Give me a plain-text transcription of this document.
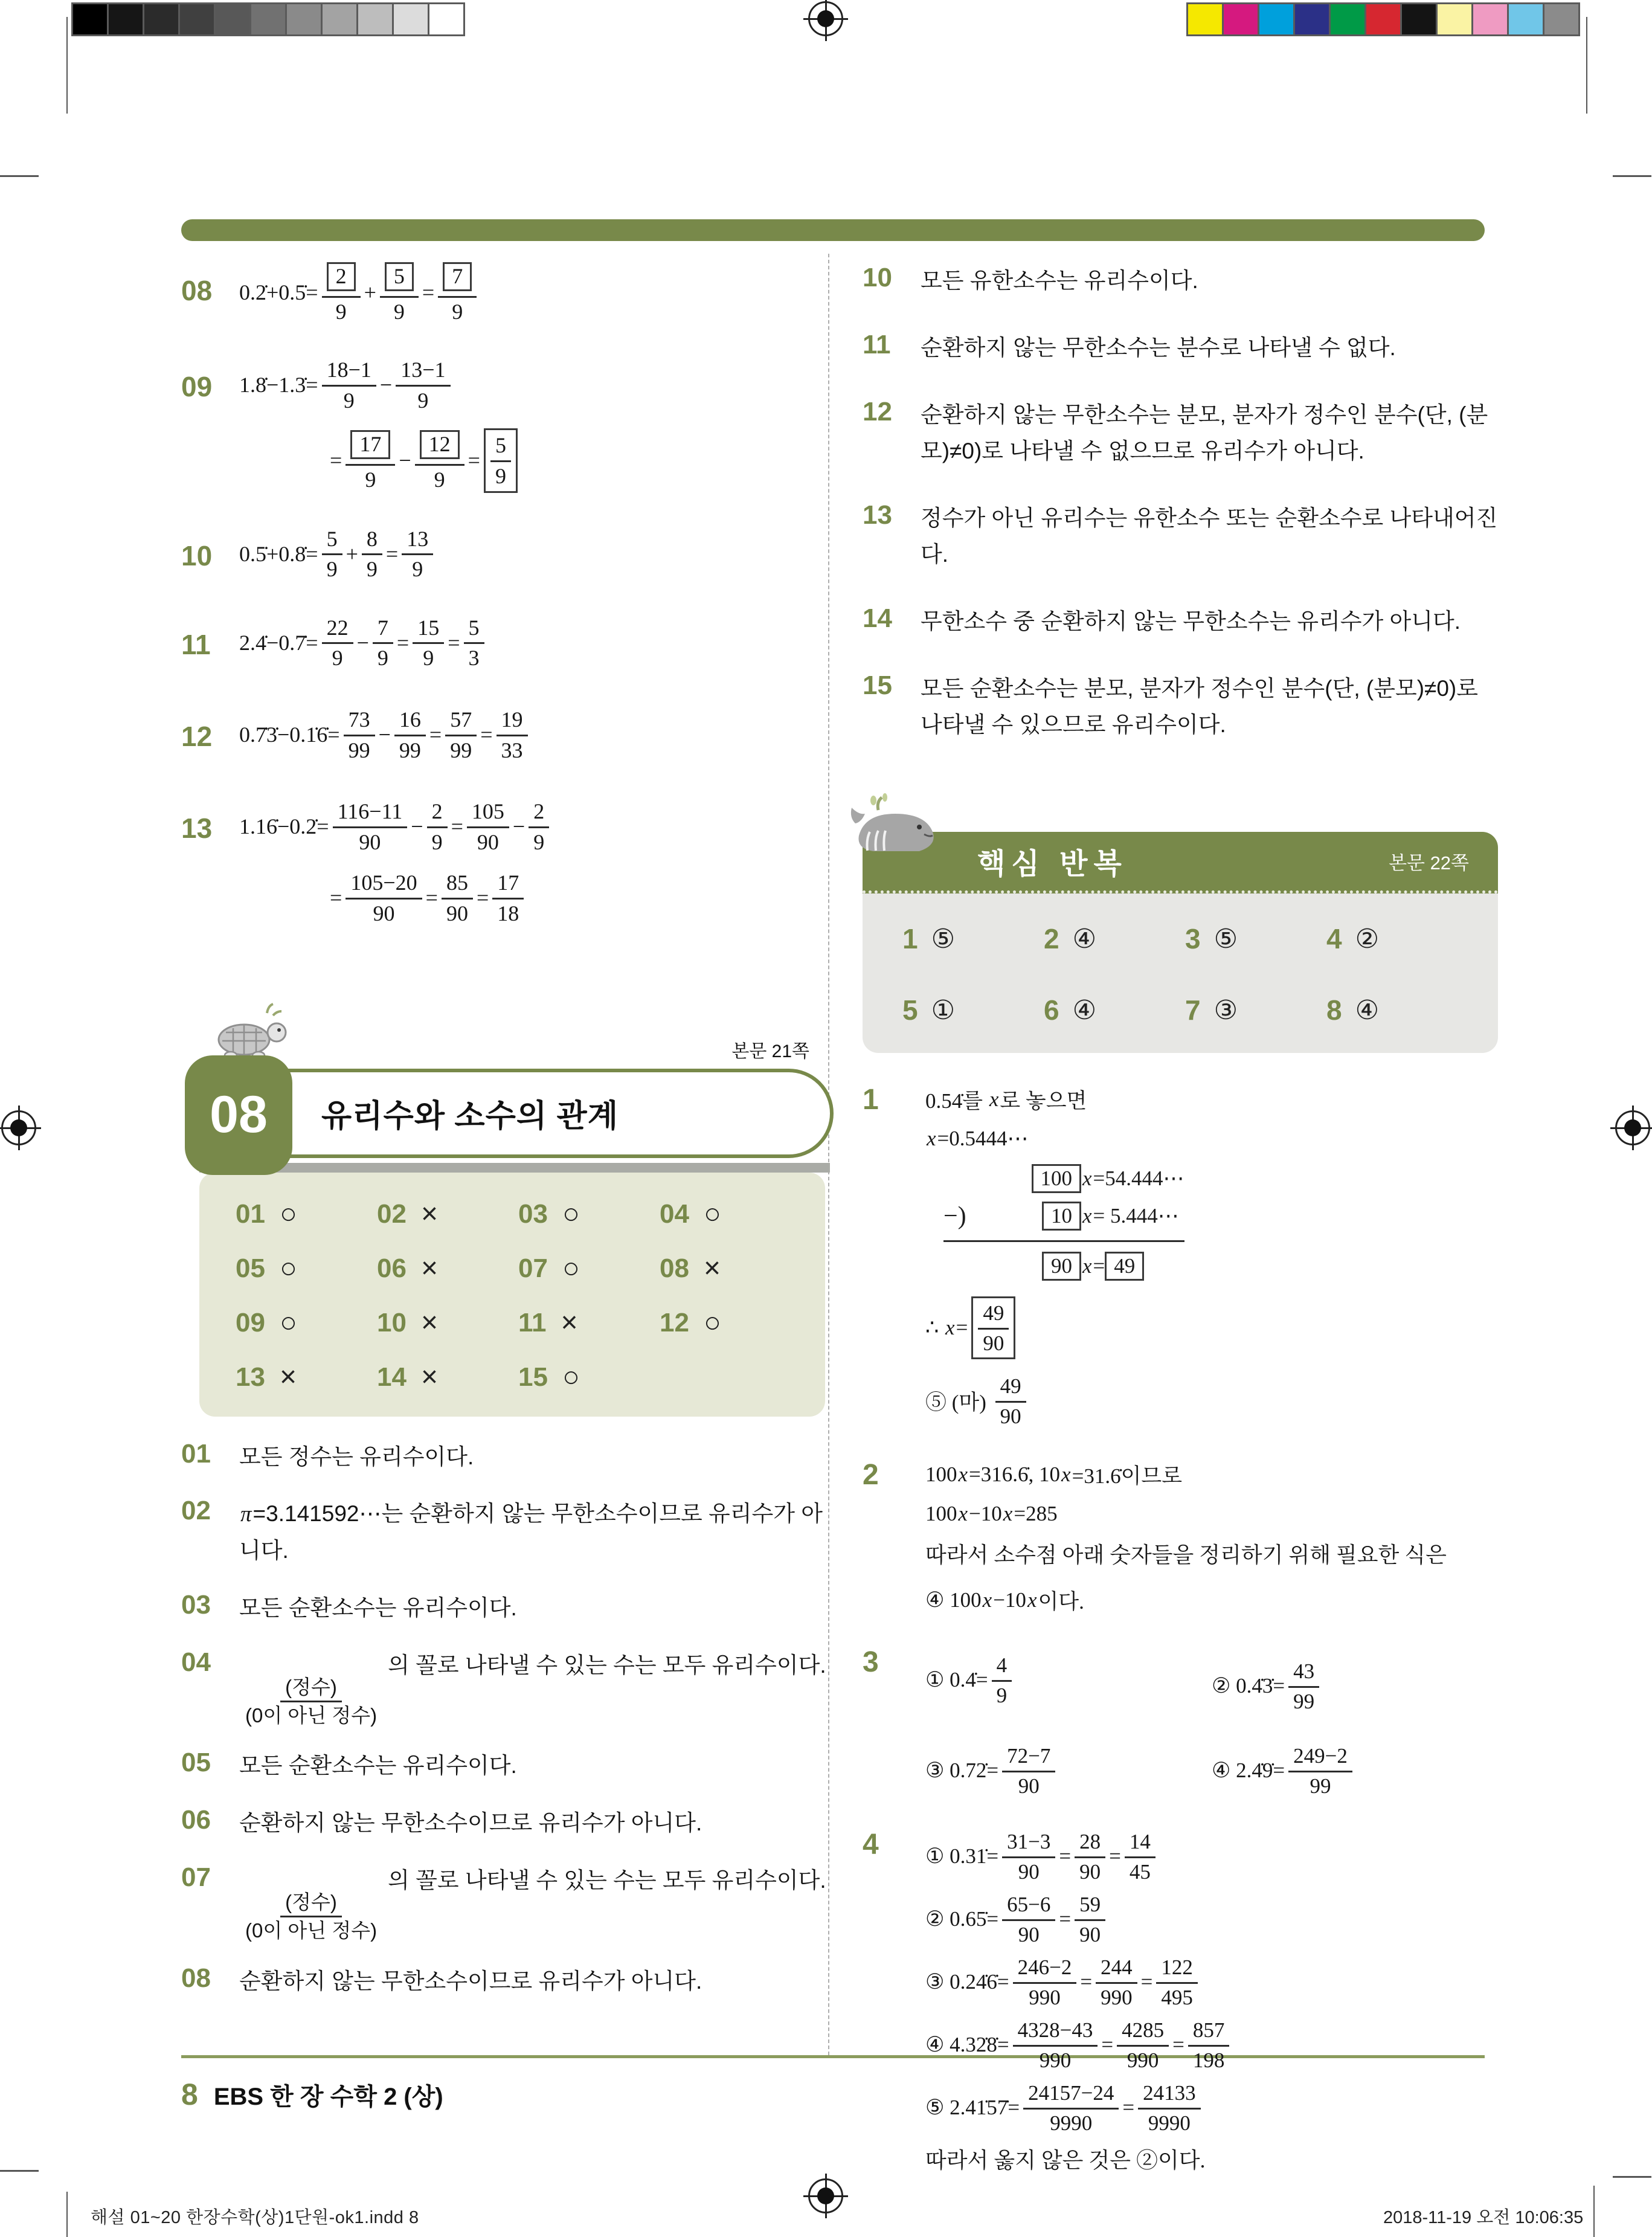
08	0.2̇+0.5̇= $\frac{2}{9} + \frac{5}{9} = \frac{7}{9}$
09	1.8̇−1.3̇= $\frac{18-1}{9} - \frac{13-1}{9}$
= $\frac{17}{9} - \frac{12}{9} = \frac{5}{9}$
10	0.5̇+0.8̇= $\frac{5}{9} + \frac{8}{9} = \frac{13}{9}$
11	2.4̇−0.7̇= $\frac{22}{9} - \frac{7}{9} = \frac{15}{9} = \frac{5}{3}$
12	0.7̇3̇−0.1̇6̇= $\frac{73}{99} - \frac{16}{99} = \frac{57}{99} = \frac{19}{33}$
13	1.16̇−0.2̇= $\frac{116-11}{90} - \frac{2}{9} = \frac{105}{90} - \frac{2}{9}$
= $\frac{105-20}{90} = \frac{85}{90} = \frac{17}{18}$
본문 21쪽
08	유리수와 소수의 관계
01 ○	02 ×	03 ○	04 ○
05 ○	06 ×	07 ○	08 ×
09 ○	10 ×	11 ×	12 ○
13 ×	14 ×	15 ○
01	모든 정수는 유리수이다.
02	π=3.141592⋯는 순환하지 않는 무한소수이므로 유리수가 아니다.
03	모든 순환소수는 유리수이다.
04
$\frac{\text{(정수)}}{\text{(0이 아닌 정수)}}$
의 꼴로 나타낼 수 있는 수는 모두 유리수이다.
05	모든 순환소수는 유리수이다.
06	순환하지 않는 무한소수이므로 유리수가 아니다.
07
$\frac{\text{(정수)}}{\text{(0이 아닌 정수)}}$
의 꼴로 나타낼 수 있는 수는 모두 유리수이다.
08	순환하지 않는 무한소수이므로 유리수가 아니다.
10	모든 유한소수는 유리수이다.
11	순환하지 않는 무한소수는 분수로 나타낼 수 없다.
12	순환하지 않는 무한소수는 분모, 분자가 정수인 분수(단, (분모)≠0)로 나타낼 수 없으므로 유리수가 아니다.
13	정수가 아닌 유리수는 유한소수 또는 순환소수로 나타내어진다.
14	무한소수 중 순환하지 않는 무한소수는 유리수가 아니다.
15	모든 순환소수는 분모, 분자가 정수인 분수(단, (분모)≠0)로 나타낼 수 있으므로 유리수이다.
핵심 반복	본문 22쪽
1 ⑤	2 ④	3 ⑤	4 ②
5 ①	6 ④	7 ③	8 ④
1	0.54̇를 x 로 놓으면
x =0.5444⋯
100 x =54.444⋯
−)	10 x = 5.444⋯
90 x = 49
∴ $x = \frac{49}{90}$
⑤ (마) $\frac{49}{90}$
2	100 x =316.6̇, 10 x =31.6̇이므로
100 x −10 x =285
따라서 소수점 아래 숫자들을 정리하기 위해 필요한 식은
④ 100 x −10 x 이다.
3
① 0.4̇= $\frac{4}{9}$	② 0.4̇3̇= $\frac{43}{99}$
③ 0.72̇= $\frac{72-7}{90}$	④ 2.4̇9̇= $\frac{249-2}{99}$
4	① 0.31̇= $\frac{31-3}{90} = \frac{28}{90} = \frac{14}{45}$
② 0.65̇= $\frac{65-6}{90} = \frac{59}{90}$
③ 0.24̇6̇= $\frac{246-2}{990} = \frac{244}{990} = \frac{122}{495}$
④ 4.32̇8̇= $\frac{4328-43}{990} = \frac{4285}{990} = \frac{857}{198}$
⑤ 2.41̇57̇= $\frac{24157-24}{9990} = \frac{24133}{9990}$
따라서 옳지 않은 것은 ②이다.
8 EBS 한 장 수학 2 (상)
해설 01~20 한장수학(상)1단원-ok1.indd 8	2018-11-19 오전 10:06:35
